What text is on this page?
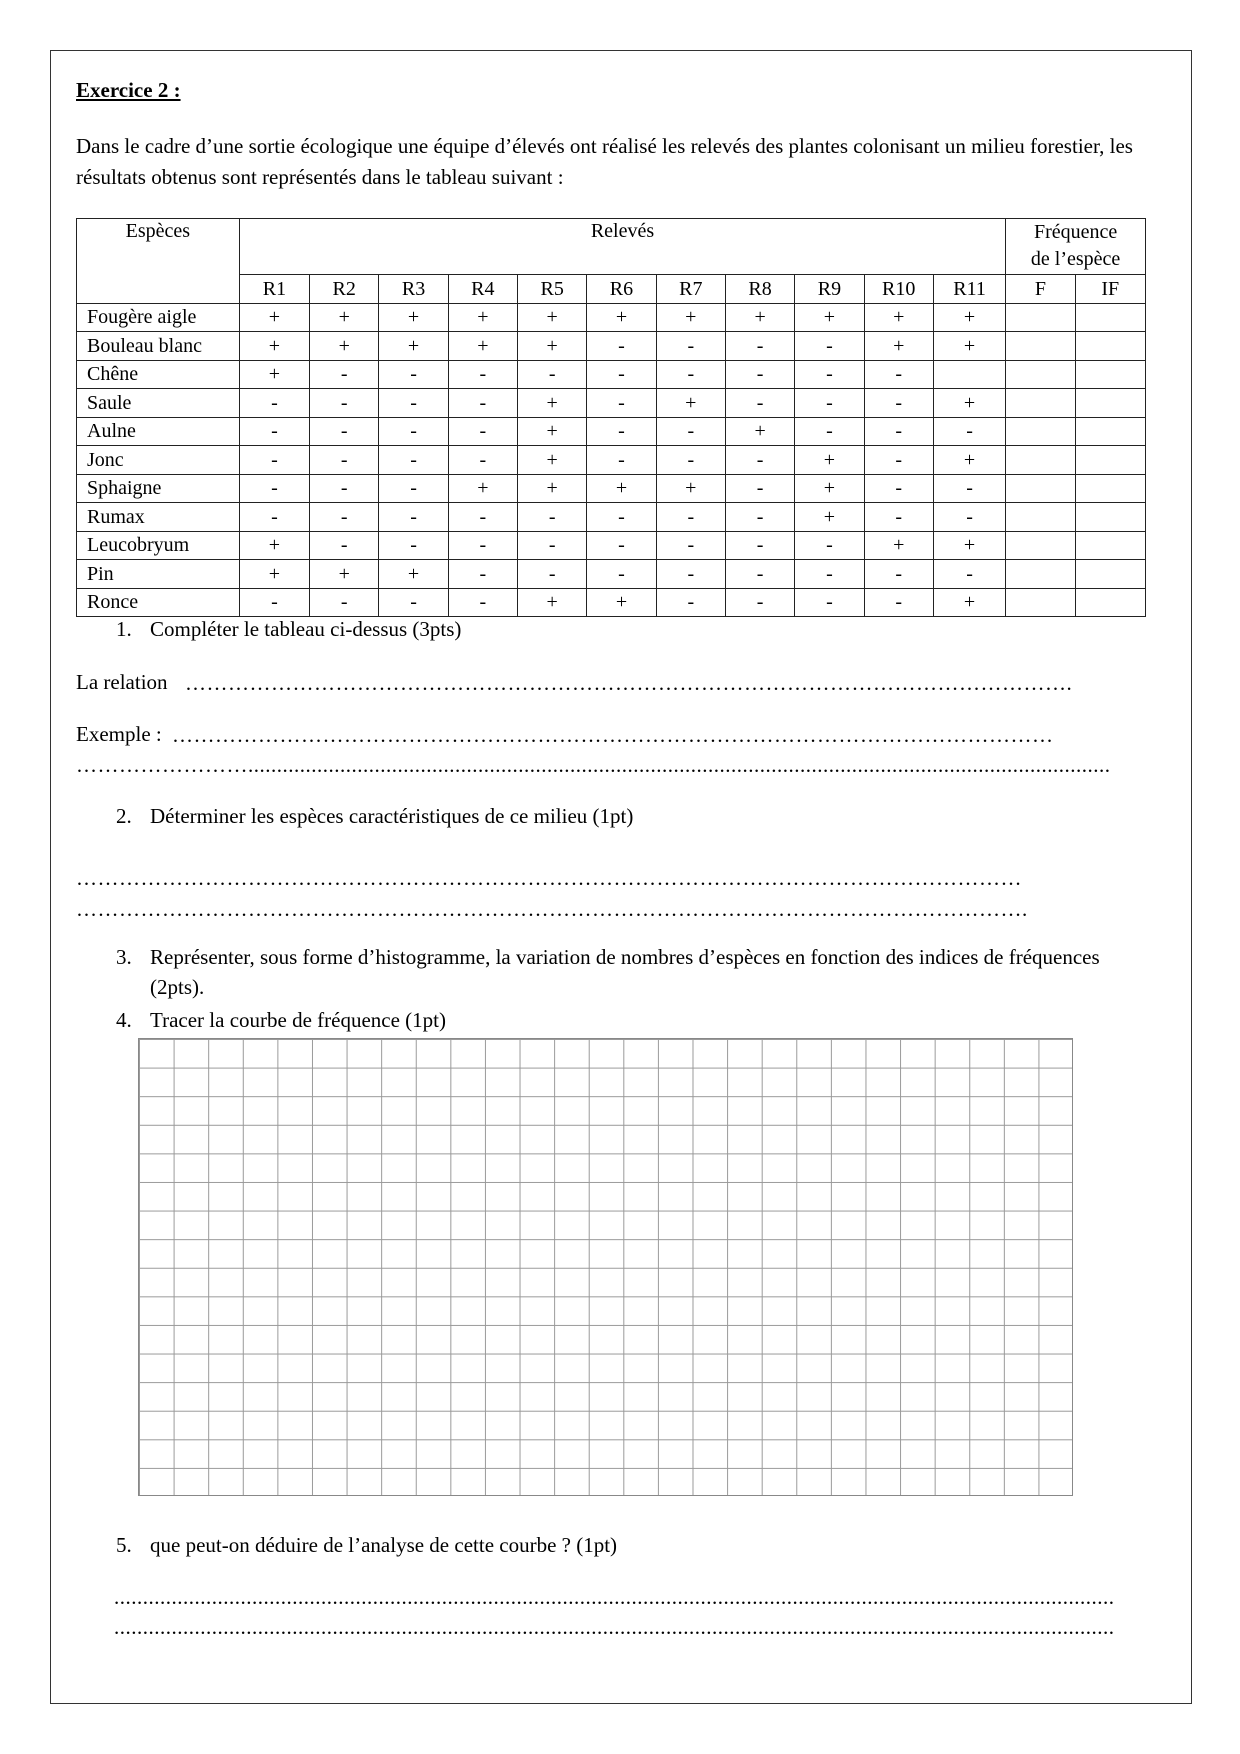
Exercice 2 :
Dans le cadre d’une sortie écologique une équipe d’élevés ont réalisé les relevés des plantes colonisant un milieu forestier, les résultats obtenus sont représentés dans le tableau suivant :
Espèces	Relevés											Fréquence
de l’espèce	
	R1	R2	R3	R4	R5	R6	R7	R8	R9	R10	R11	F	IF
Fougère aigle	+	+	+	+	+	+	+	+	+	+	+		
Bouleau blanc	+	+	+	+	+	-	-	-	-	+	+		
Chêne	+	-	-	-	-	-	-	-	-	-			
Saule	-	-	-	-	+	-	+	-	-	-	+		
Aulne	-	-	-	-	+	-	-	+	-	-	-		
Jonc	-	-	-	-	+	-	-	-	+	-	+		
Sphaigne	-	-	-	+	+	+	+	-	+	-	-		
Rumax	-	-	-	-	-	-	-	-	+	-	-		
Leucobryum	+	-	-	-	-	-	-	-	-	+	+		
Pin	+	+	+	-	-	-	-	-	-	-	-		
Ronce	-	-	-	-	+	+	-	-	-	-	+		
1. Compléter le tableau ci-dessus (3pts)
La relation …………………………………………………………………………………………………………….
Exemple : ……………………………………………………………………………………………………………
……………………......................................................................................................................................................
2. Déterminer les espèces caractéristiques de ce milieu (1pt)
……………………………………………………………………………………………………………………
…………………………………………………………………………………………………………………….
3. Représenter, sous forme d’histogramme, la variation de nombres d’espèces en fonction des indices de fréquences (2pts).
4. Tracer la courbe de fréquence (1pt)
5. que peut-on déduire de l’analyse de cette courbe ? (1pt)
..............................................................................................................................................................................
..............................................................................................................................................................................
